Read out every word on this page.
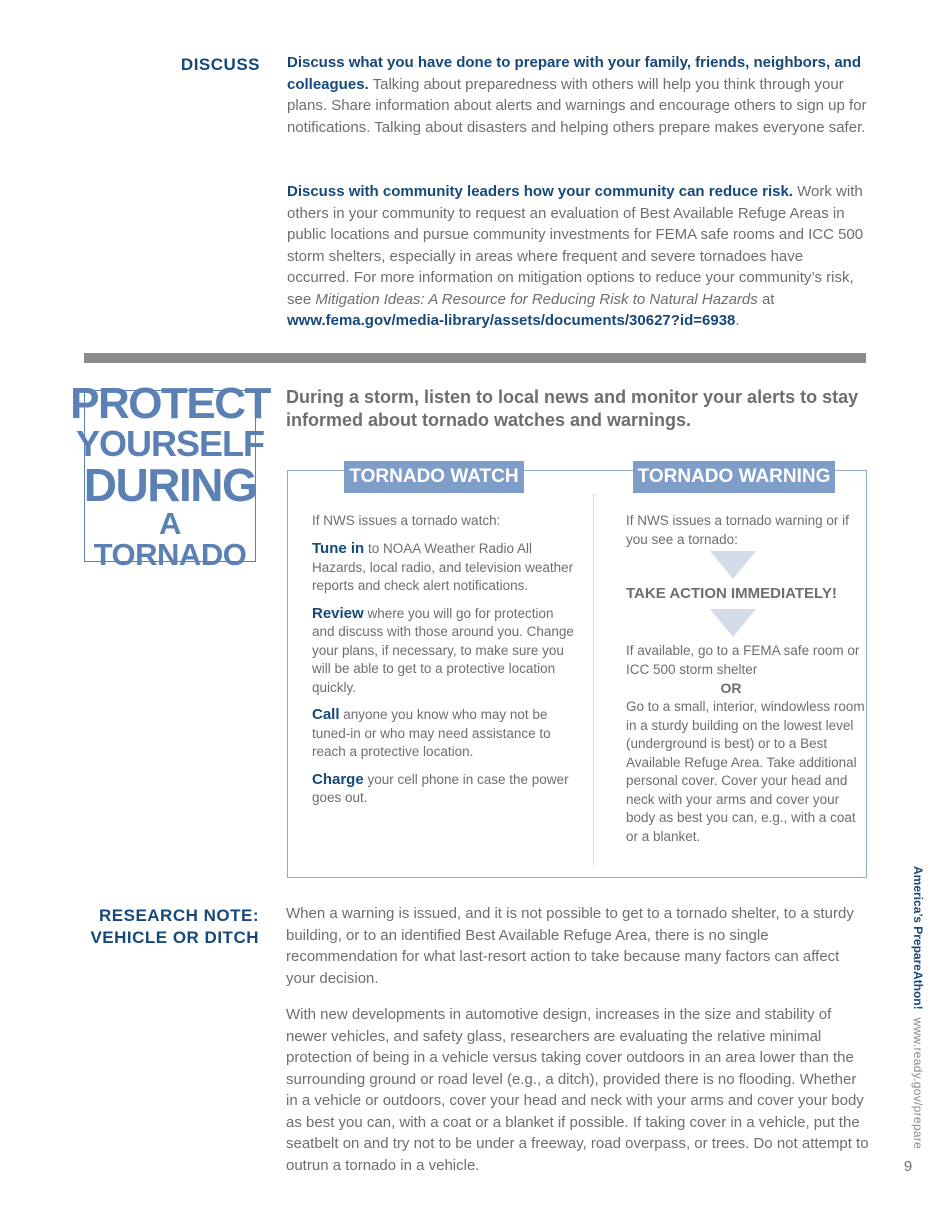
DISCUSS Discuss what you have done to prepare with your family, friends, neighbors, and colleagues. Talking about preparedness with others will help you think through your plans. Share information about alerts and warnings and encourage others to sign up for notifications. Talking about disasters and helping others prepare makes everyone safer.
Discuss with community leaders how your community can reduce risk. Work with others in your community to request an evaluation of Best Available Refuge Areas in public locations and pursue community investments for FEMA safe rooms and ICC 500 storm shelters, especially in areas where frequent and severe tornadoes have occurred. For more information on mitigation options to reduce your community’s risk, see Mitigation Ideas: A Resource for Reducing Risk to Natural Hazards at www.fema.gov/media-library/assets/documents/30627?id=6938.
PROTECT
YOURSELF
DURING
A TORNADO
During a storm, listen to local news and monitor your alerts to stay informed about tornado watches and warnings.
TORNADO WATCH	TORNADO WARNING
If NWS issues a tornado watch:
Tune in to NOAA Weather Radio All Hazards, local radio, and television weather reports and check alert notifications.
Review where you will go for protection and discuss with those around you. Change your plans, if necessary, to make sure you will be able to get to a protective location quickly.
Call anyone you know who may not be tuned-in or who may need assistance to reach a protective location.
Charge your cell phone in case the power goes out.
If NWS issues a tornado warning or if you see a tornado:
TAKE ACTION IMMEDIATELY!
If available, go to a FEMA safe room or ICC 500 storm shelter
OR
Go to a small, interior, windowless room in a sturdy building on the lowest level (underground is best) or to a Best Available Refuge Area. Take additional personal cover. Cover your head and neck with your arms and cover your body as best you can, e.g., with a coat or a blanket.
RESEARCH NOTE:
VEHICLE OR DITCH
When a warning is issued, and it is not possible to get to a tornado shelter, to a sturdy building, or to an identified Best Available Refuge Area, there is no single recommendation for what last-resort action to take because many factors can affect your decision.
With new developments in automotive design, increases in the size and stability of newer vehicles, and safety glass, researchers are evaluating the relative minimal protection of being in a vehicle versus taking cover outdoors in an area lower than the surrounding ground or road level (e.g., a ditch), provided there is no flooding. Whether in a vehicle or outdoors, cover your head and neck with your arms and cover your body as best you can, with a coat or a blanket if possible. If taking cover in a vehicle, put the seatbelt on and try not to be under a freeway, road overpass, or trees. Do not attempt to outrun a tornado in a vehicle.
America’s PrepareAthon!www.ready.gov/prepare
9
